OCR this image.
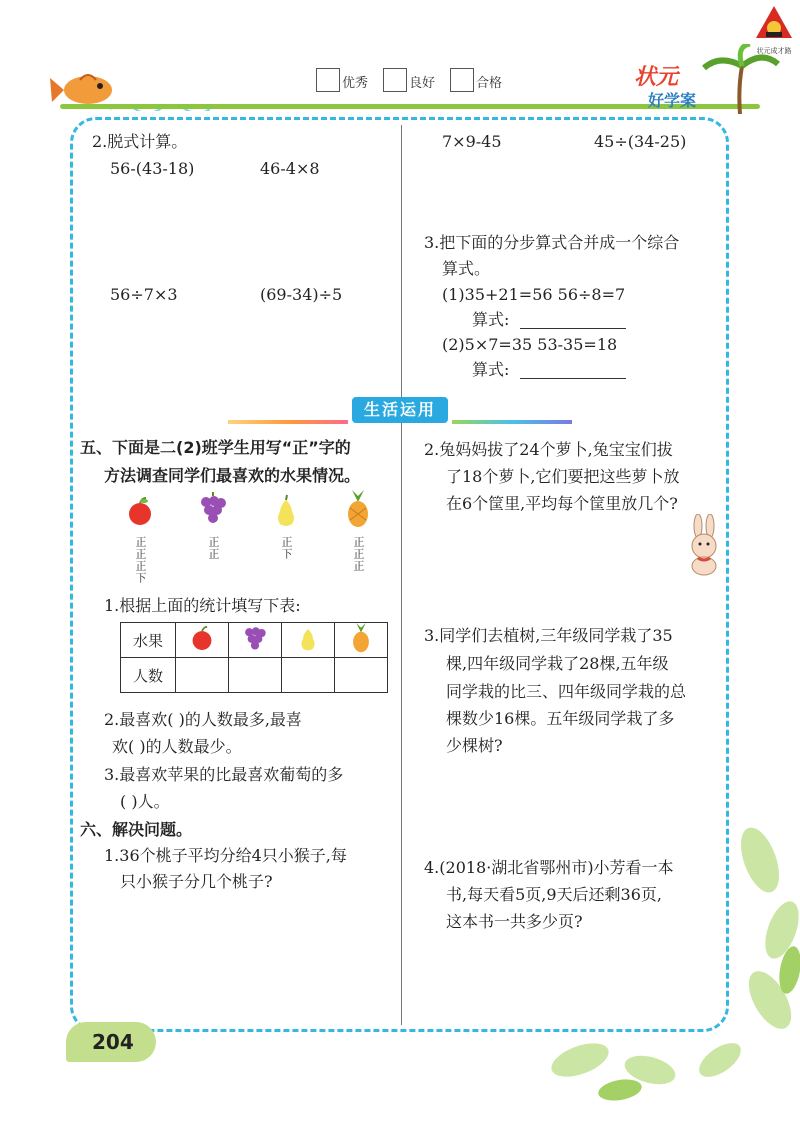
状元成才路
优秀	良好	合格	状元
好学案
2.脱式计算。
56-(43-18)	46-4×8
56÷7×3	(69-34)÷5
7×9-45	45÷(34-25)
3.把下面的分步算式合并成一个综合
算式。
(1)35+21=56 56÷8=7
算式:
(2)5×7=35 53-35=18
算式:
生活运用
五、下面是二(2)班学生用写“正”字的
方法调查同学们最喜欢的水果情况。
正正正下	正正	正下	正正正
1.根据上面的统计填写下表:
水果				
人数				
2.最喜欢( )的人数最多,最喜
欢( )的人数最少。
3.最喜欢苹果的比最喜欢葡萄的多
( )人。
六、解决问题。
1.36个桃子平均分给4只小猴子,每
只小猴子分几个桃子?
2.兔妈妈拔了24个萝卜,兔宝宝们拔
了18个萝卜,它们要把这些萝卜放
在6个筐里,平均每个筐里放几个?
3.同学们去植树,三年级同学栽了35
棵,四年级同学栽了28棵,五年级
同学栽的比三、四年级同学栽的总
棵数少16棵。五年级同学栽了多
少棵树?
4.(2018·湖北省鄂州市)小芳看一本
书,每天看5页,9天后还剩36页,
这本书一共多少页?
204
